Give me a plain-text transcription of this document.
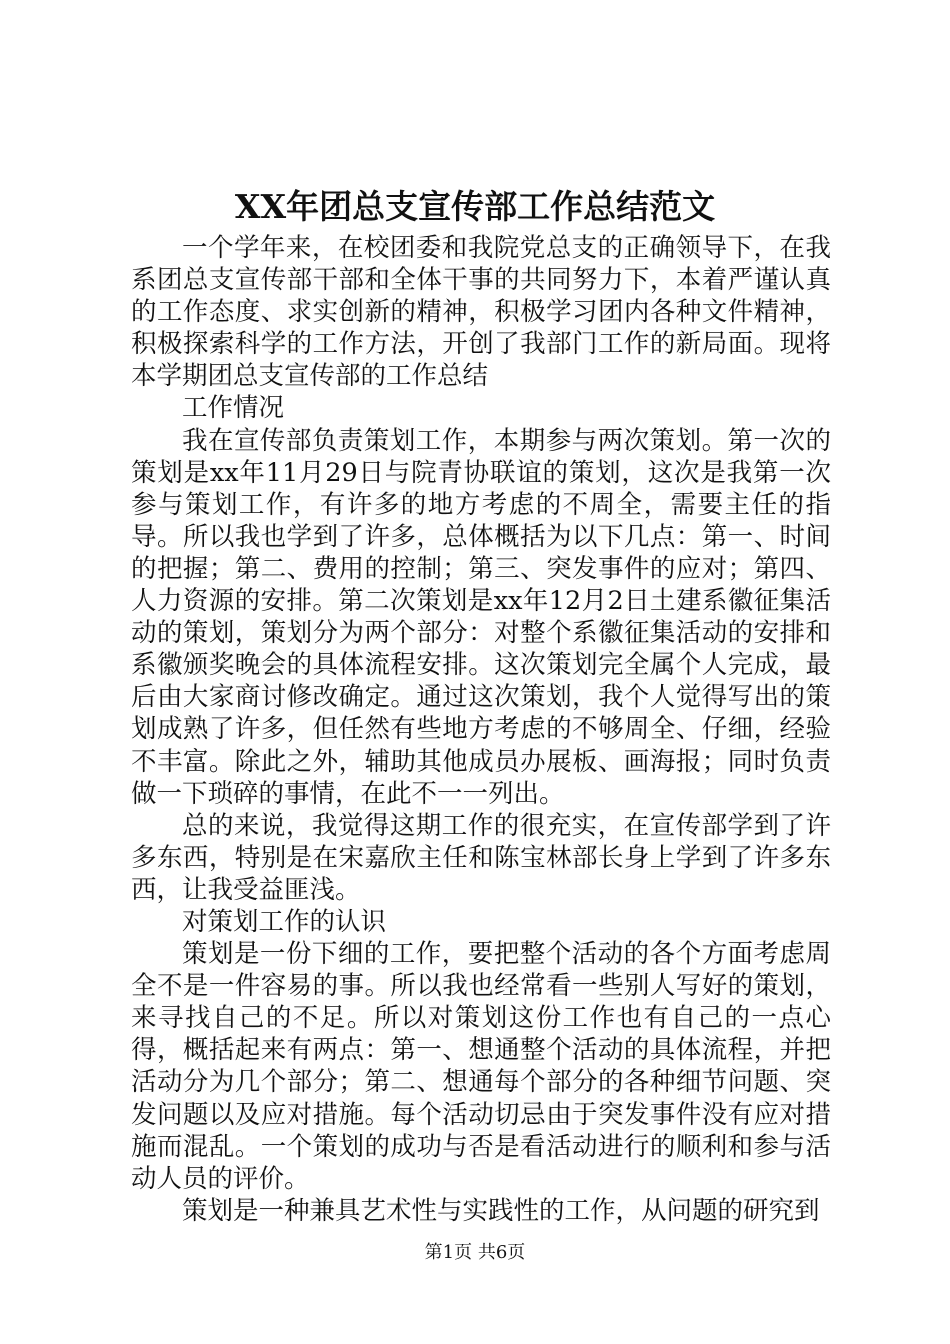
XX年团总支宣传部工作总结范文

一个学年来，在校团委和我院党总支的正确领导下，在我系团总支宣传部干部和全体干事的共同努力下，本着严谨认真的工作态度、求实创新的精神，积极学习团内各种文件精神，积极探索科学的工作方法，开创了我部门工作的新局面。现将本学期团总支宣传部的工作总结

工作情况

我在宣传部负责策划工作，本期参与两次策划。第一次的策划是xx年11月29日与院青协联谊的策划，这次是我第一次参与策划工作，有许多的地方考虑的不周全，需要主任的指导。所以我也学到了许多，总体概括为以下几点：第一、时间的把握；第二、费用的控制；第三、突发事件的应对；第四、人力资源的安排。第二次策划是xx年12月2日土建系徽征集活动的策划，策划分为两个部分：对整个系徽征集活动的安排和系徽颁奖晚会的具体流程安排。这次策划完全属个人完成，最后由大家商讨修改确定。通过这次策划，我个人觉得写出的策划成熟了许多，但任然有些地方考虑的不够周全、仔细，经验不丰富。除此之外，辅助其他成员办展板、画海报；同时负责做一下琐碎的事情，在此不一一列出。

总的来说，我觉得这期工作的很充实，在宣传部学到了许多东西，特别是在宋嘉欣主任和陈宝林部长身上学到了许多东西，让我受益匪浅。

对策划工作的认识

策划是一份下细的工作，要把整个活动的各个方面考虑周全不是一件容易的事。所以我也经常看一些别人写好的策划，来寻找自己的不足。所以对策划这份工作也有自己的一点心得，概括起来有两点：第一、想通整个活动的具体流程，并把活动分为几个部分；第二、想通每个部分的各种细节问题、突发问题以及应对措施。每个活动切忌由于突发事件没有应对措施而混乱。一个策划的成功与否是看活动进行的顺利和参与活动人员的评价。

策划是一种兼具艺术性与实践性的工作，从问题的研究到

第1页 共6页
